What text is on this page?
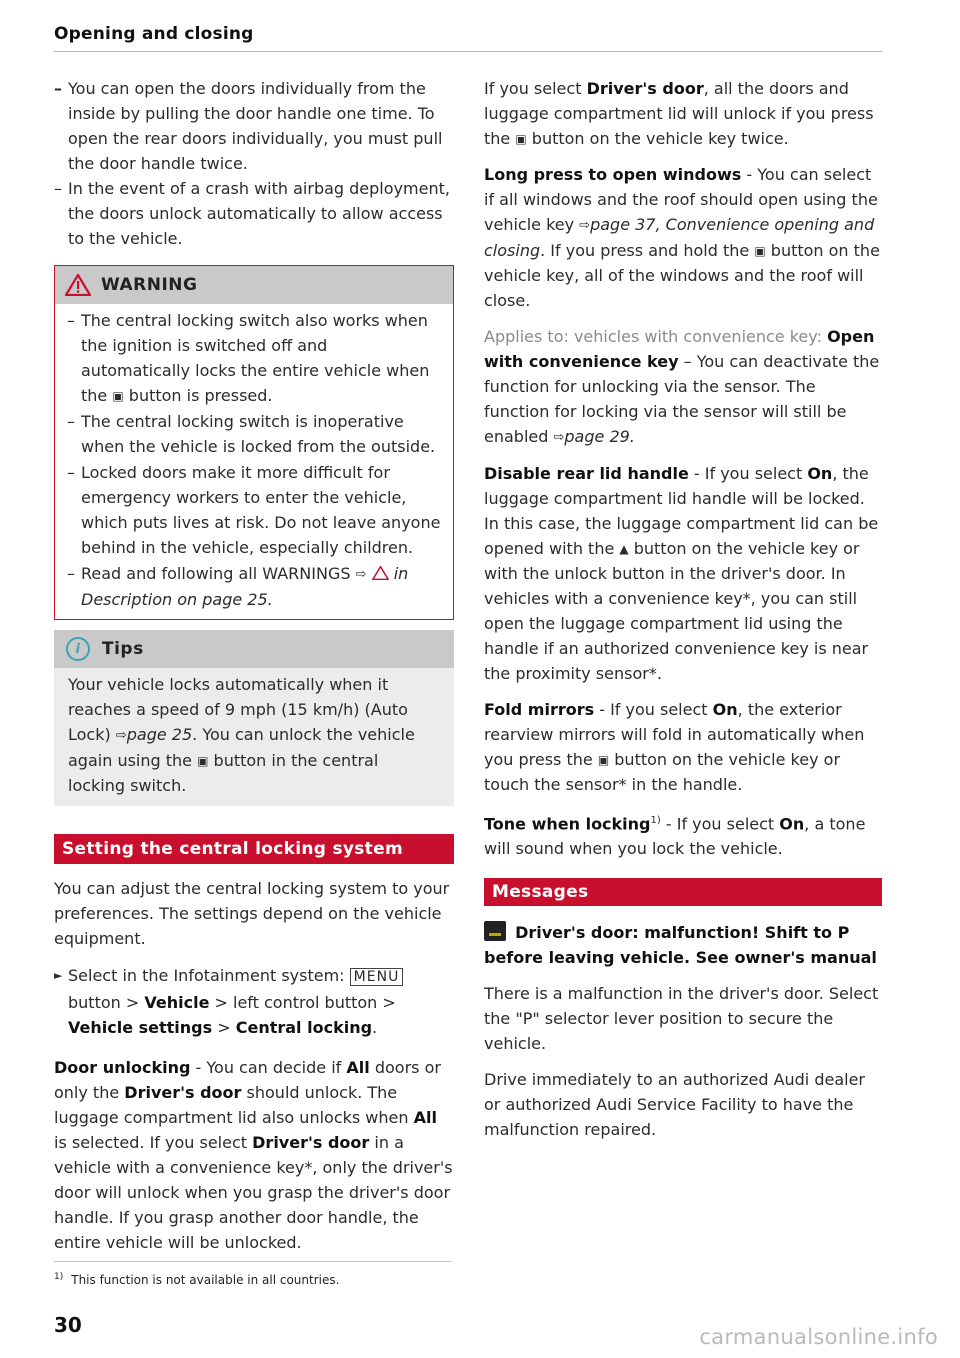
Opening and closing

– You can open the doors individually from the inside by pulling the door handle one time. To open the rear doors individually, you must pull the door handle twice.

– In the event of a crash with airbag deployment, the doors unlock automatically to allow access to the vehicle.

WARNING

– The central locking switch also works when the ignition is switched off and automatically locks the entire vehicle when the ▣ button is pressed.

– The central locking switch is inoperative when the vehicle is locked from the outside.

– Locked doors make it more difficult for emergency workers to enter the vehicle, which puts lives at risk. Do not leave anyone behind in the vehicle, especially children.

– Read and following all WARNINGS ⇨ in Description on page 25.

i	Tips

Your vehicle locks automatically when it reaches a speed of 9 mph (15 km/h) (Auto Lock) ⇨page 25. You can unlock the vehicle again using the ▣ button in the central locking switch.

Setting the central locking system

You can adjust the central locking system to your preferences. The settings depend on the vehicle equipment.

► Select in the Infotainment system: MENU button > Vehicle > left control button > Vehicle settings > Central locking.

Door unlocking - You can decide if All doors or only the Driver's door should unlock. The luggage compartment lid also unlocks when All is selected. If you select Driver's door in a vehicle with a convenience key*, only the driver's door will unlock when you grasp the driver's door handle. If you grasp another door handle, the entire vehicle will be unlocked.

$^{1)}$ This function is not available in all countries.
30

If you select Driver's door, all the doors and luggage compartment lid will unlock if you press the ▣ button on the vehicle key twice.

Long press to open windows - You can select if all windows and the roof should open using the vehicle key ⇨page 37, Convenience opening and closing. If you press and hold the ▣ button on the vehicle key, all of the windows and the roof will close.

Applies to: vehicles with convenience key: Open with convenience key – You can deactivate the function for unlocking via the sensor. The function for locking via the sensor will still be enabled ⇨page 29.

Disable rear lid handle - If you select On, the luggage compartment lid handle will be locked. In this case, the luggage compartment lid can be opened with the ▲ button on the vehicle key or with the unlock button in the driver's door. In vehicles with a convenience key*, you can still open the luggage compartment lid using the handle if an authorized convenience key is near the proximity sensor*.

Fold mirrors - If you select On, the exterior rearview mirrors will fold in automatically when you press the ▣ button on the vehicle key or touch the sensor* in the handle.

Tone when locking$^{1)}$ - If you select On, a tone will sound when you lock the vehicle.

Messages

Driver's door: malfunction! Shift to P before leaving vehicle. See owner's manual

There is a malfunction in the driver's door. Select the "P" selector lever position to secure the vehicle.

Drive immediately to an authorized Audi dealer or authorized Audi Service Facility to have the malfunction repaired.

carmanualsonline.info
